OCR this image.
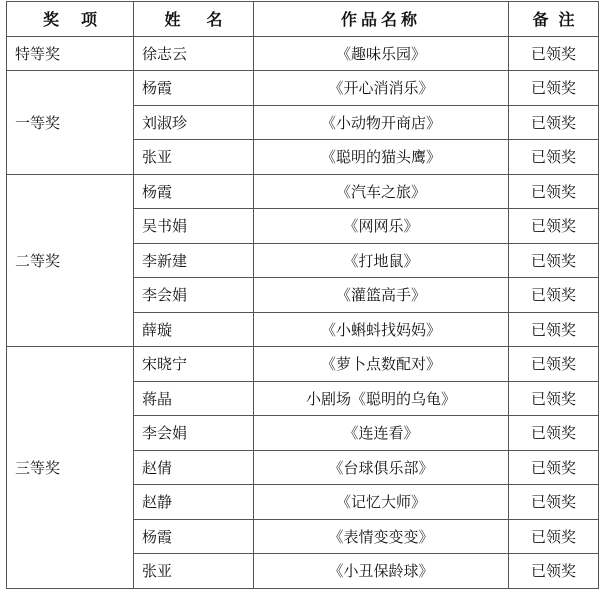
奖项	姓名	作品名称	备注
特等奖	徐志云	《趣味乐园》	已领奖
一等奖	杨霞	《开心消消乐》	已领奖
	刘淑珍	《小动物开商店》	已领奖
	张亚	《聪明的猫头鹰》	已领奖
二等奖	杨霞	《汽车之旅》	已领奖
	吴书娟	《网网乐》	已领奖
	李新建	《打地鼠》	已领奖
	李会娟	《灌篮高手》	已领奖
	薛璇	《小蝌蚪找妈妈》	已领奖
三等奖	宋晓宁	《萝卜点数配对》	已领奖
	蒋晶	小剧场《聪明的乌龟》	已领奖
	李会娟	《连连看》	已领奖
	赵倩	《台球俱乐部》	已领奖
	赵静	《记忆大师》	已领奖
	杨霞	《表情变变变》	已领奖
	张亚	《小丑保龄球》	已领奖
